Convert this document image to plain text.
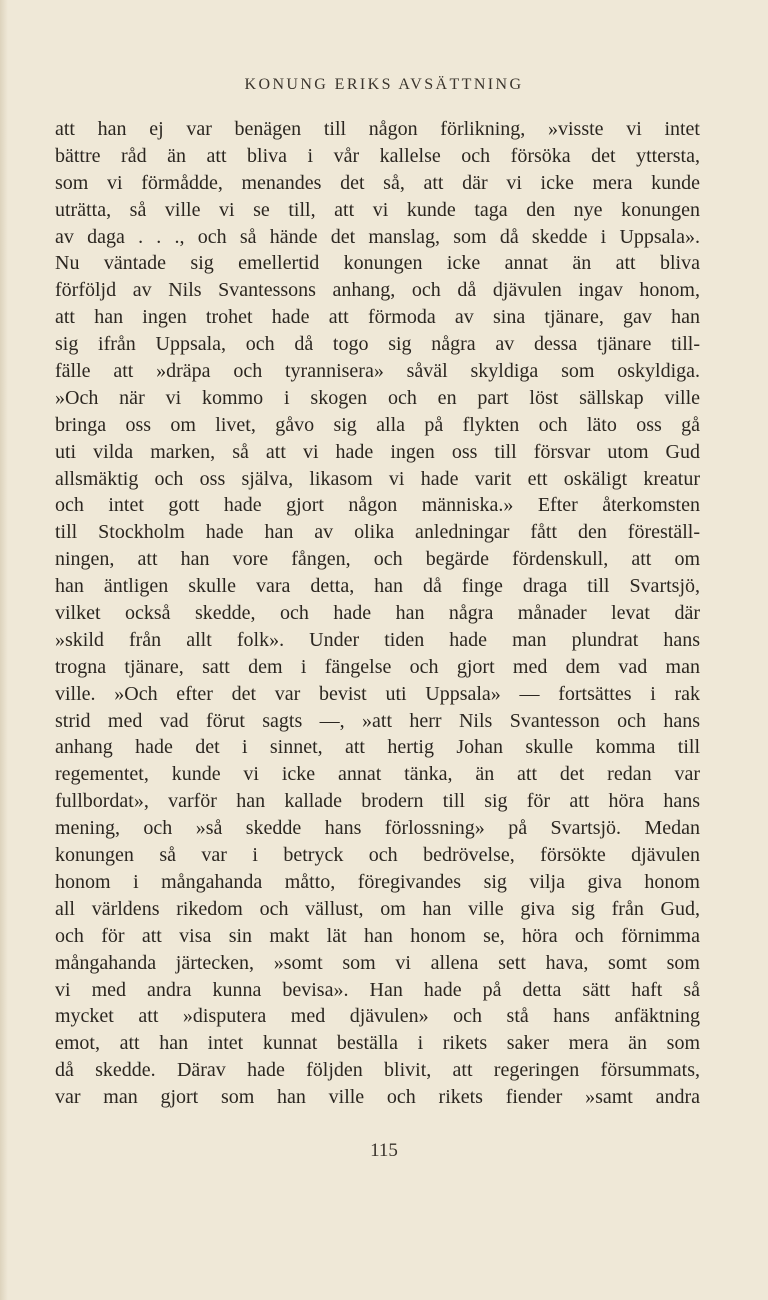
KONUNG ERIKS AVSÄTTNING
att han ej var benägen till någon förlikning, »visste vi intet
bättre råd än att bliva i vår kallelse och försöka det yttersta,
som vi förmådde, menandes det så, att där vi icke mera kunde
uträtta, så ville vi se till, att vi kunde taga den nye konungen
av daga . . ., och så hände det manslag, som då skedde i Uppsala».
Nu väntade sig emellertid konungen icke annat än att bliva
förföljd av Nils Svantessons anhang, och då djävulen ingav honom,
att han ingen trohet hade att förmoda av sina tjänare, gav han
sig ifrån Uppsala, och då togo sig några av dessa tjänare till-
fälle att »dräpa och tyrannisera» såväl skyldiga som oskyldiga.
»Och när vi kommo i skogen och en part löst sällskap ville
bringa oss om livet, gåvo sig alla på flykten och läto oss gå
uti vilda marken, så att vi hade ingen oss till försvar utom Gud
allsmäktig och oss själva, likasom vi hade varit ett oskäligt kreatur
och intet gott hade gjort någon människa.» Efter återkomsten
till Stockholm hade han av olika anledningar fått den föreställ-
ningen, att han vore fången, och begärde fördenskull, att om
han äntligen skulle vara detta, han då finge draga till Svartsjö,
vilket också skedde, och hade han några månader levat där
»skild från allt folk». Under tiden hade man plundrat hans
trogna tjänare, satt dem i fängelse och gjort med dem vad man
ville. »Och efter det var bevist uti Uppsala» — fortsättes i rak
strid med vad förut sagts —, »att herr Nils Svantesson och hans
anhang hade det i sinnet, att hertig Johan skulle komma till
regementet, kunde vi icke annat tänka, än att det redan var
fullbordat», varför han kallade brodern till sig för att höra hans
mening, och »så skedde hans förlossning» på Svartsjö. Medan
konungen så var i betryck och bedrövelse, försökte djävulen
honom i mångahanda måtto, föregivandes sig vilja giva honom
all världens rikedom och vällust, om han ville giva sig från Gud,
och för att visa sin makt lät han honom se, höra och förnimma
mångahanda järtecken, »somt som vi allena sett hava, somt som
vi med andra kunna bevisa». Han hade på detta sätt haft så
mycket att »disputera med djävulen» och stå hans anfäktning
emot, att han intet kunnat beställa i rikets saker mera än som
då skedde. Därav hade följden blivit, att regeringen försummats,
var man gjort som han ville och rikets fiender »samt andra
115
